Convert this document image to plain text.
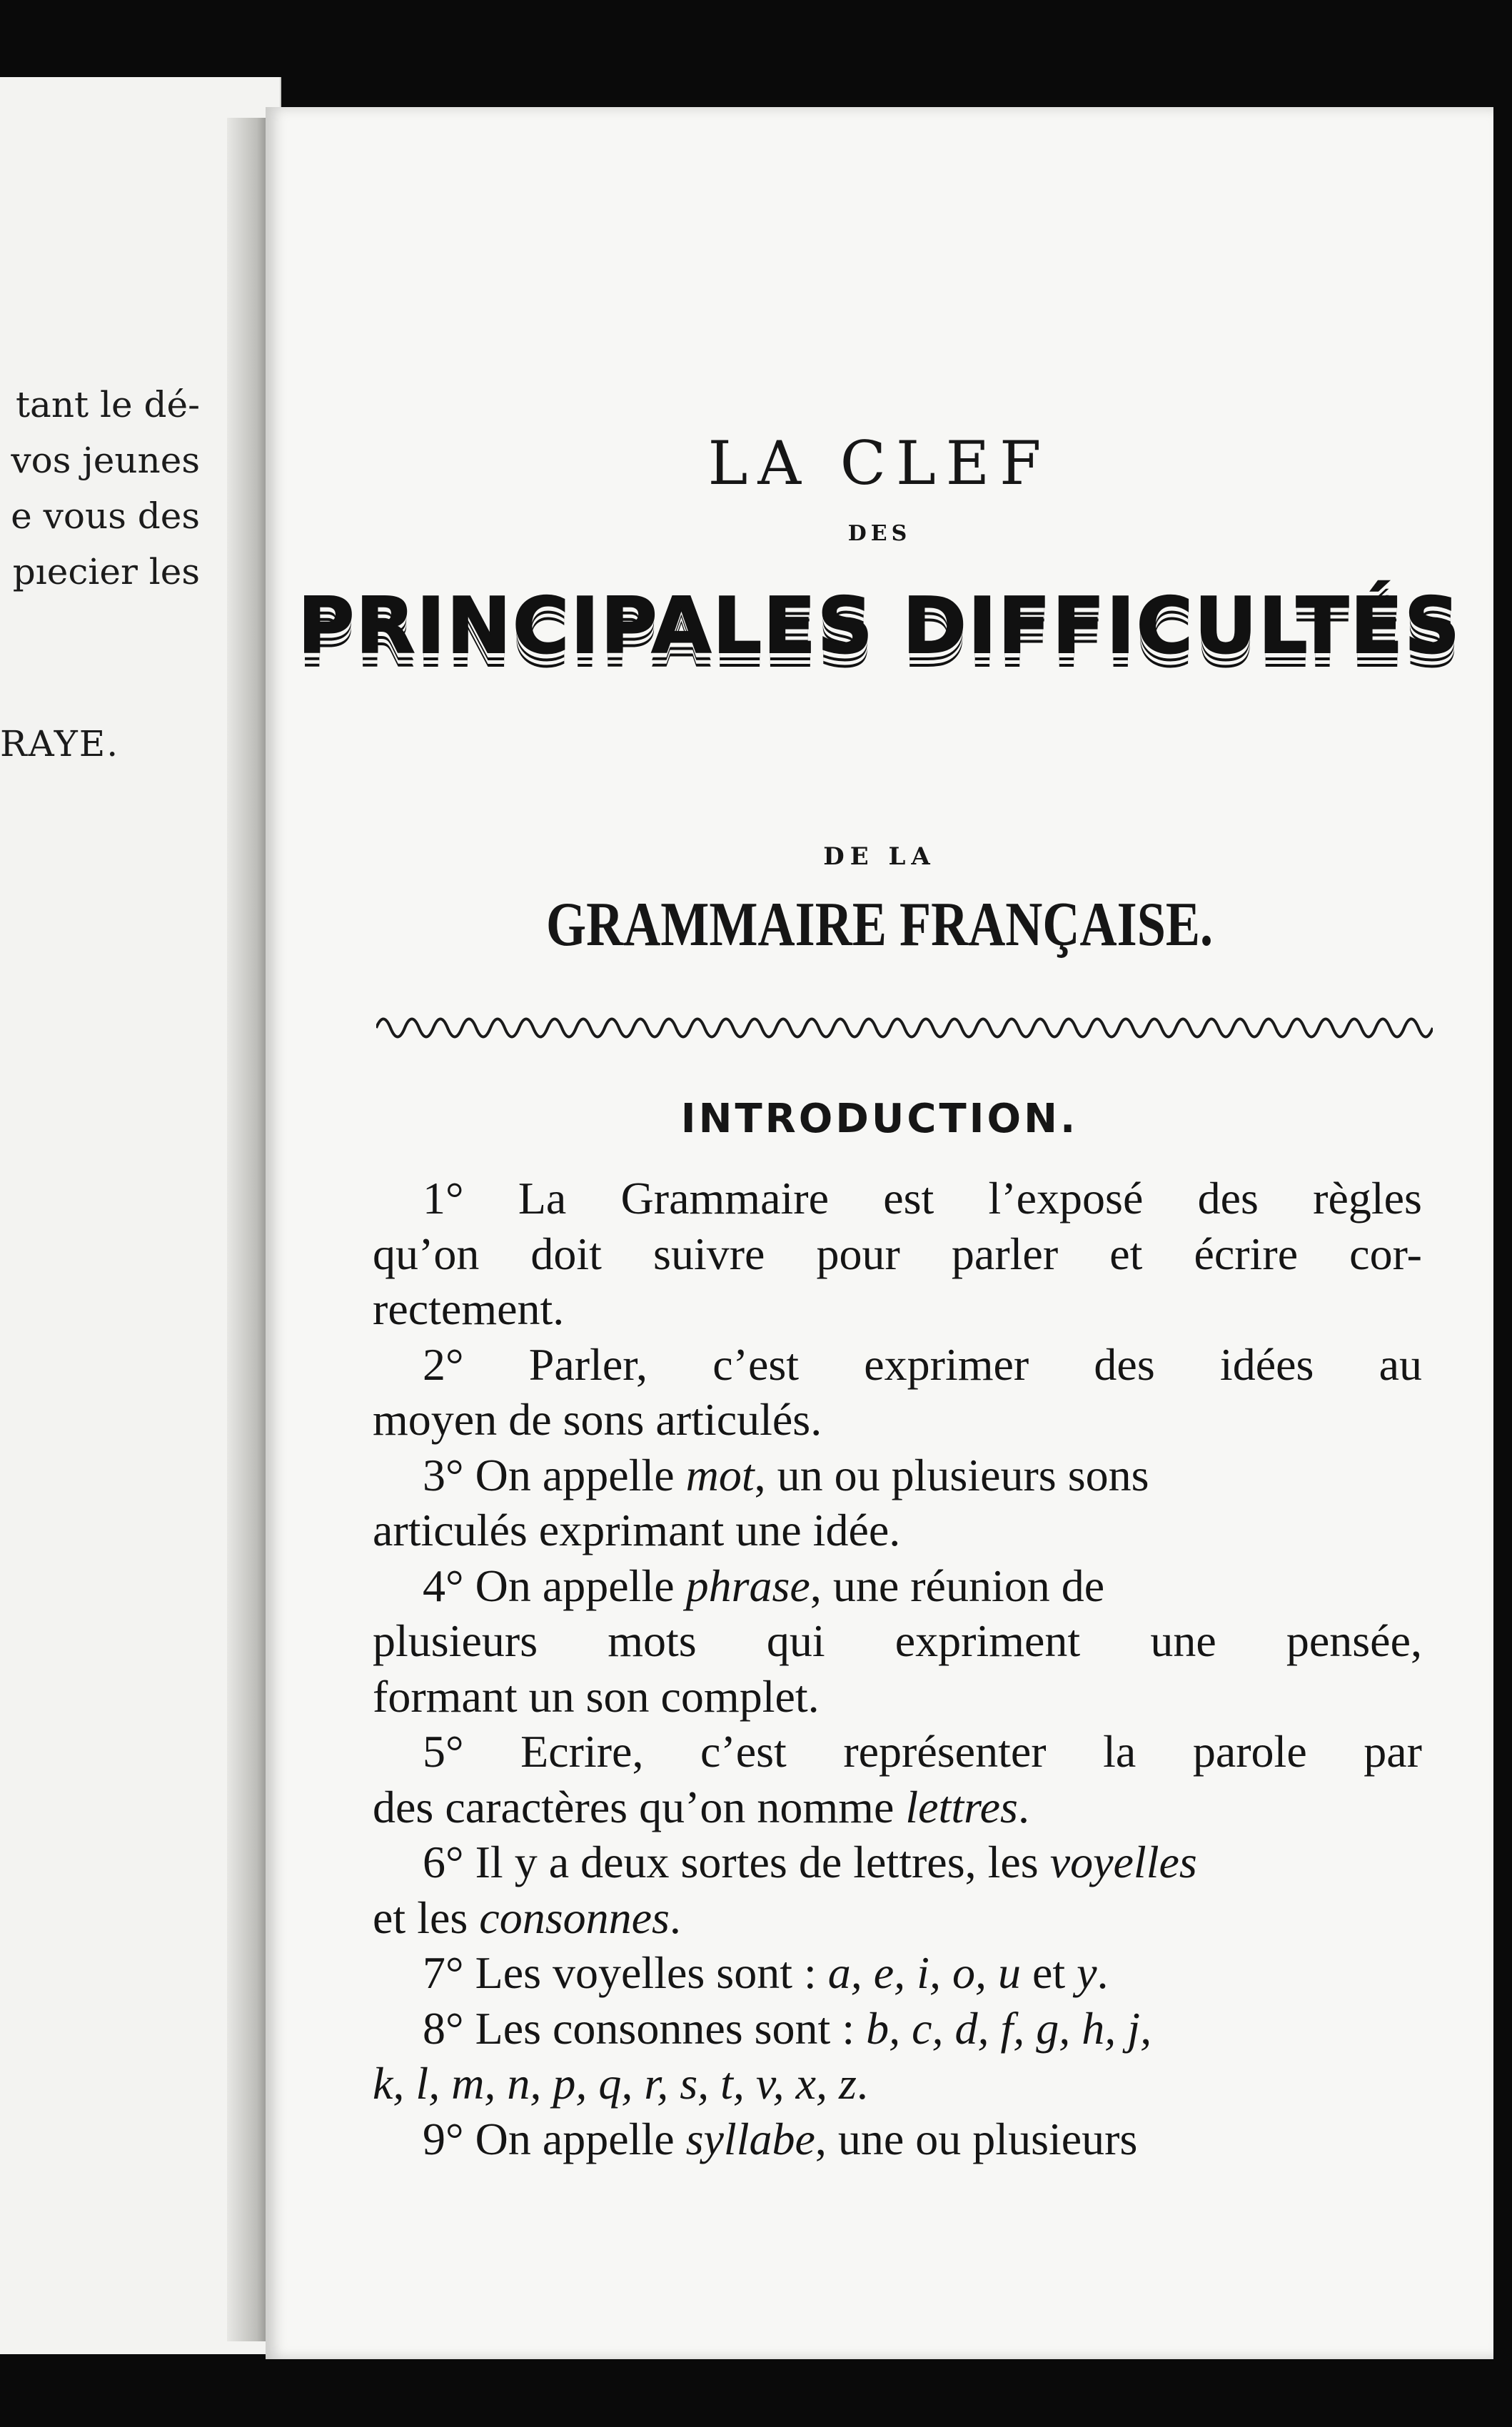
tant le dé-
vos jeunes
e vous des
pıecier les
RAYE.
LA CLEF
DES
PRINCIPALES DIFFICULTÉS
DE LA
GRAMMAIRE FRANÇAISE.
INTRODUCTION.
1° La Grammaire est l’exposé des règles
qu’on doit suivre pour parler et écrire cor-
rectement.
2° Parler, c’est exprimer des idées au
moyen de sons articulés.
3° On appelle mot , un ou plusieurs sons
articulés exprimant une idée.
4° On appelle phrase , une réunion de
plusieurs mots qui expriment une pensée,
formant un son complet.
5° Ecrire, c’est représenter la parole par
des caractères qu’on nomme lettres .
6° Il y a deux sortes de lettres, les voyelles
et les consonnes .
7° Les voyelles sont : a, e, i, o, u et y .
8° Les consonnes sont : b, c, d, f, g, h, j,
k, l, m, n, p, q, r, s, t, v, x, z .
9° On appelle syllabe , une ou plusieurs
